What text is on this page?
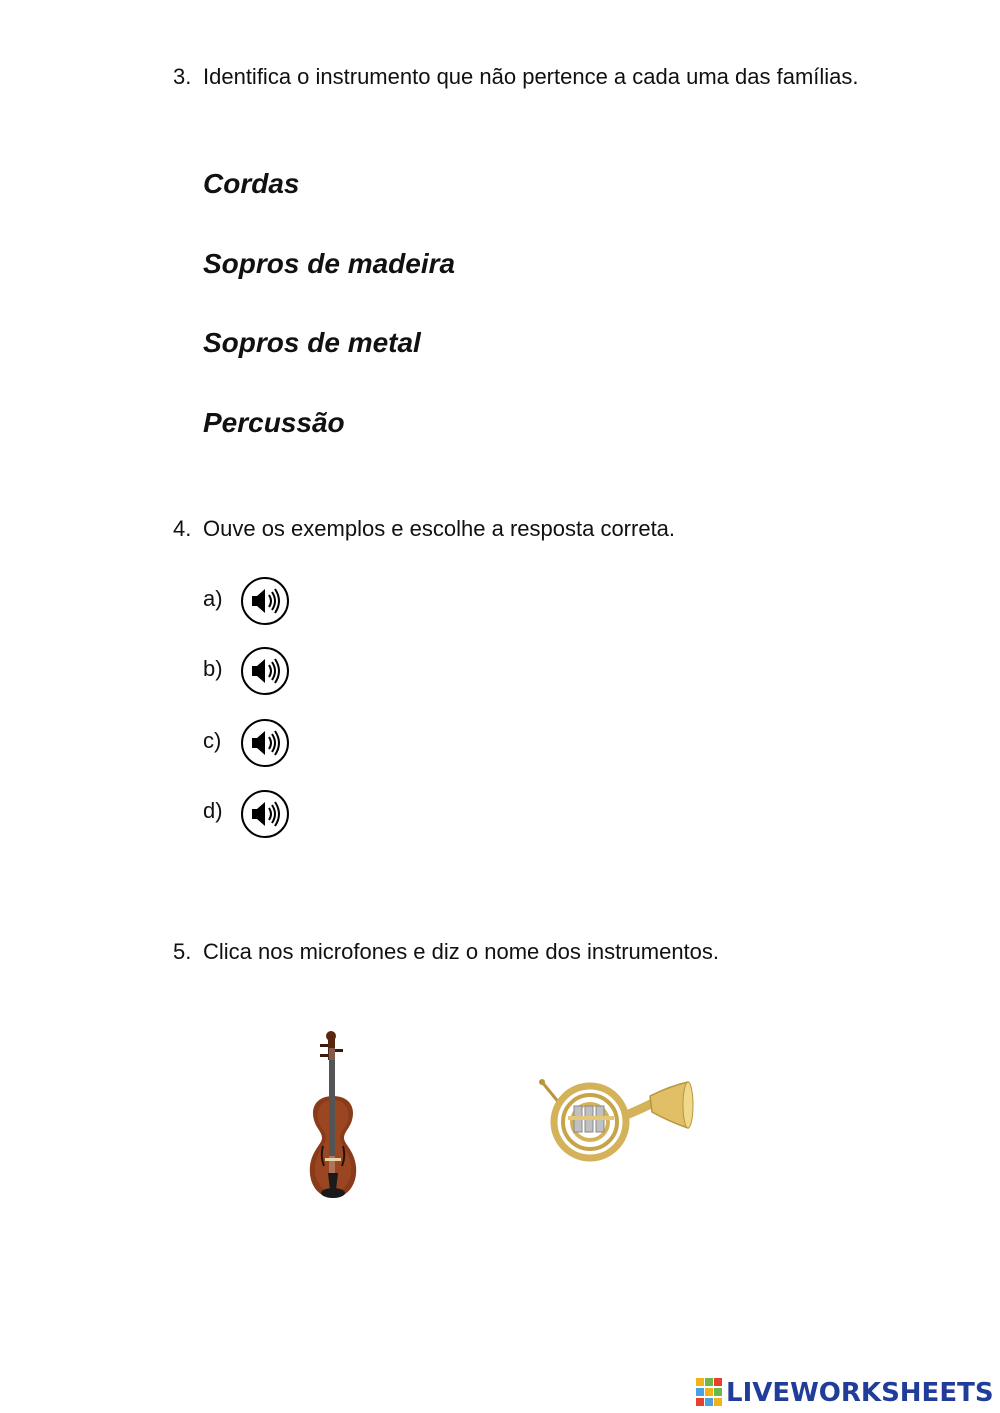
3. Identifica o instrumento que não pertence a cada uma das famílias.
Cordas
Sopros de madeira
Sopros de metal
Percussão
4. Ouve os exemplos e escolhe a resposta correta.
a)
b)
c)
d)
5. Clica nos microfones e diz o nome dos instrumentos.
LIVEWORKSHEETS
